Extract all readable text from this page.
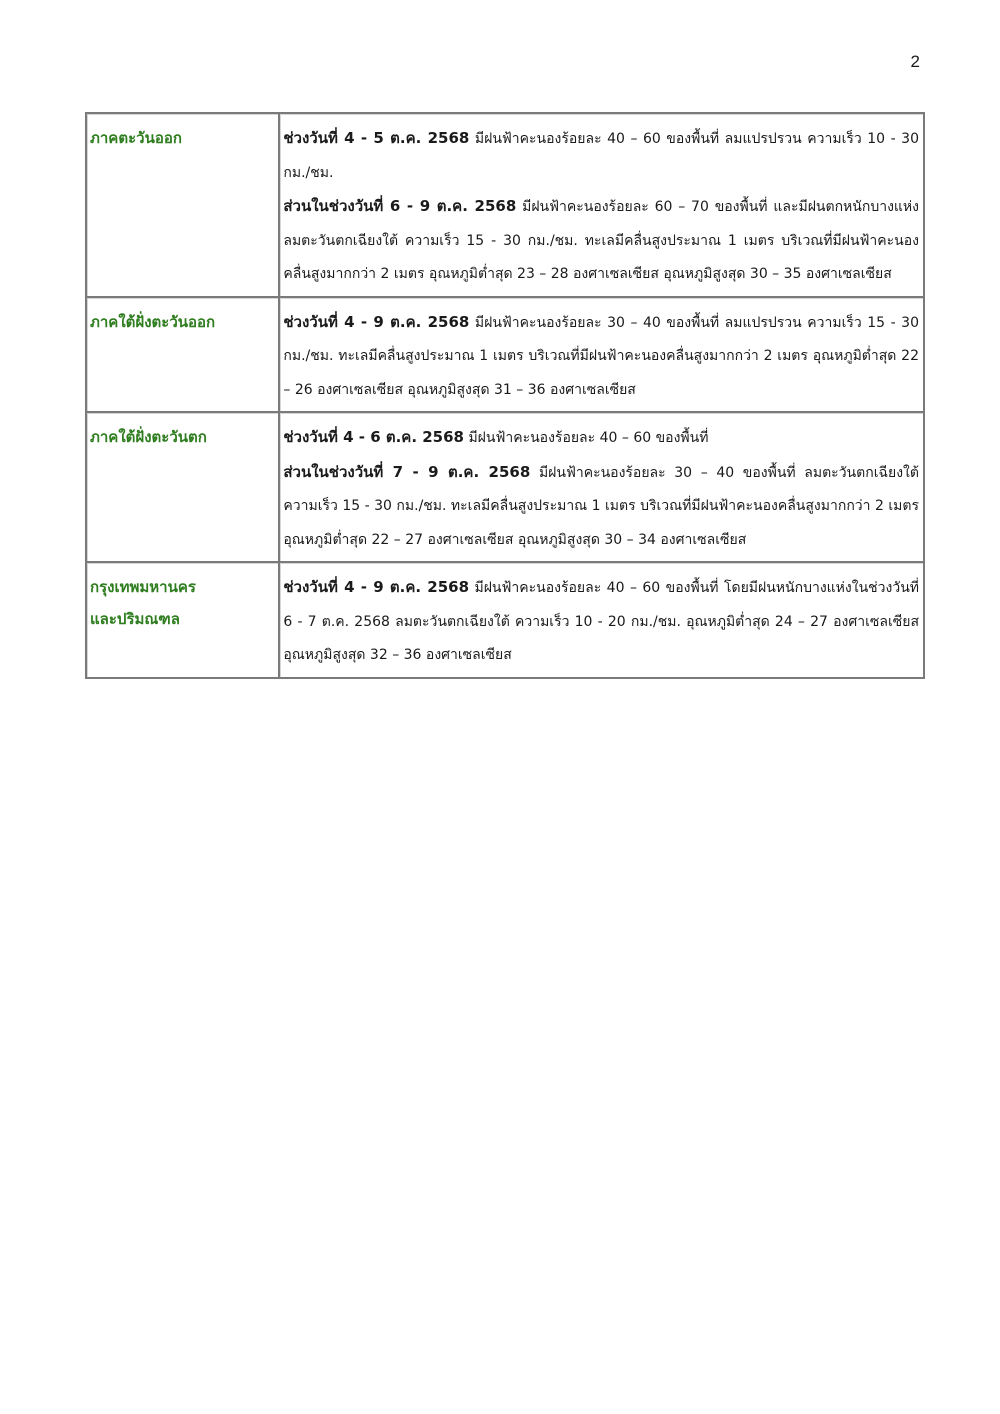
2
ภาคตะวันออก	ช่วงวันที่ 4 - 5 ต.ค. 2568 มีฝนฟ้าคะนองร้อยละ 40 – 60 ของพื้นที่ ลมแปรปรวน ความเร็ว 10 - 30 กม./ชม.

ส่วนในช่วงวันที่ 6 - 9 ต.ค. 2568 มีฝนฟ้าคะนองร้อยละ 60 – 70 ของพื้นที่ และมีฝนตกหนักบางแห่ง ลมตะวันตกเฉียงใต้ ความเร็ว 15 - 30 กม./ชม. ทะเลมีคลื่นสูงประมาณ 1 เมตร บริเวณที่มีฝนฟ้าคะนองคลื่นสูงมากกว่า 2 เมตร อุณหภูมิต่ำสุด 23 – 28 องศาเซลเซียส อุณหภูมิสูงสุด 30 – 35 องศาเซลเซียส

ภาคใต้ฝั่งตะวันออก	ช่วงวันที่ 4 - 9 ต.ค. 2568 มีฝนฟ้าคะนองร้อยละ 30 – 40 ของพื้นที่ ลมแปรปรวน ความเร็ว 15 - 30 กม./ชม. ทะเลมีคลื่นสูงประมาณ 1 เมตร บริเวณที่มีฝนฟ้าคะนองคลื่นสูงมากกว่า 2 เมตร อุณหภูมิต่ำสุด 22 – 26 องศาเซลเซียส อุณหภูมิสูงสุด 31 – 36 องศาเซลเซียส

ภาคใต้ฝั่งตะวันตก	ช่วงวันที่ 4 - 6 ต.ค. 2568 มีฝนฟ้าคะนองร้อยละ 40 – 60 ของพื้นที่

ส่วนในช่วงวันที่ 7 - 9 ต.ค. 2568 มีฝนฟ้าคะนองร้อยละ 30 – 40 ของพื้นที่ ลมตะวันตกเฉียงใต้ ความเร็ว 15 - 30 กม./ชม. ทะเลมีคลื่นสูงประมาณ 1 เมตร บริเวณที่มีฝนฟ้าคะนองคลื่นสูงมากกว่า 2 เมตร อุณหภูมิต่ำสุด 22 – 27 องศาเซลเซียส อุณหภูมิสูงสุด 30 – 34 องศาเซลเซียส

กรุงเทพมหานคร
และปริมณฑล	ช่วงวันที่ 4 - 9 ต.ค. 2568 มีฝนฟ้าคะนองร้อยละ 40 – 60 ของพื้นที่ โดยมีฝนหนักบางแห่งในช่วงวันที่ 6 - 7 ต.ค. 2568 ลมตะวันตกเฉียงใต้ ความเร็ว 10 - 20 กม./ชม. อุณหภูมิต่ำสุด 24 – 27 องศาเซลเซียส อุณหภูมิสูงสุด 32 – 36 องศาเซลเซียส
